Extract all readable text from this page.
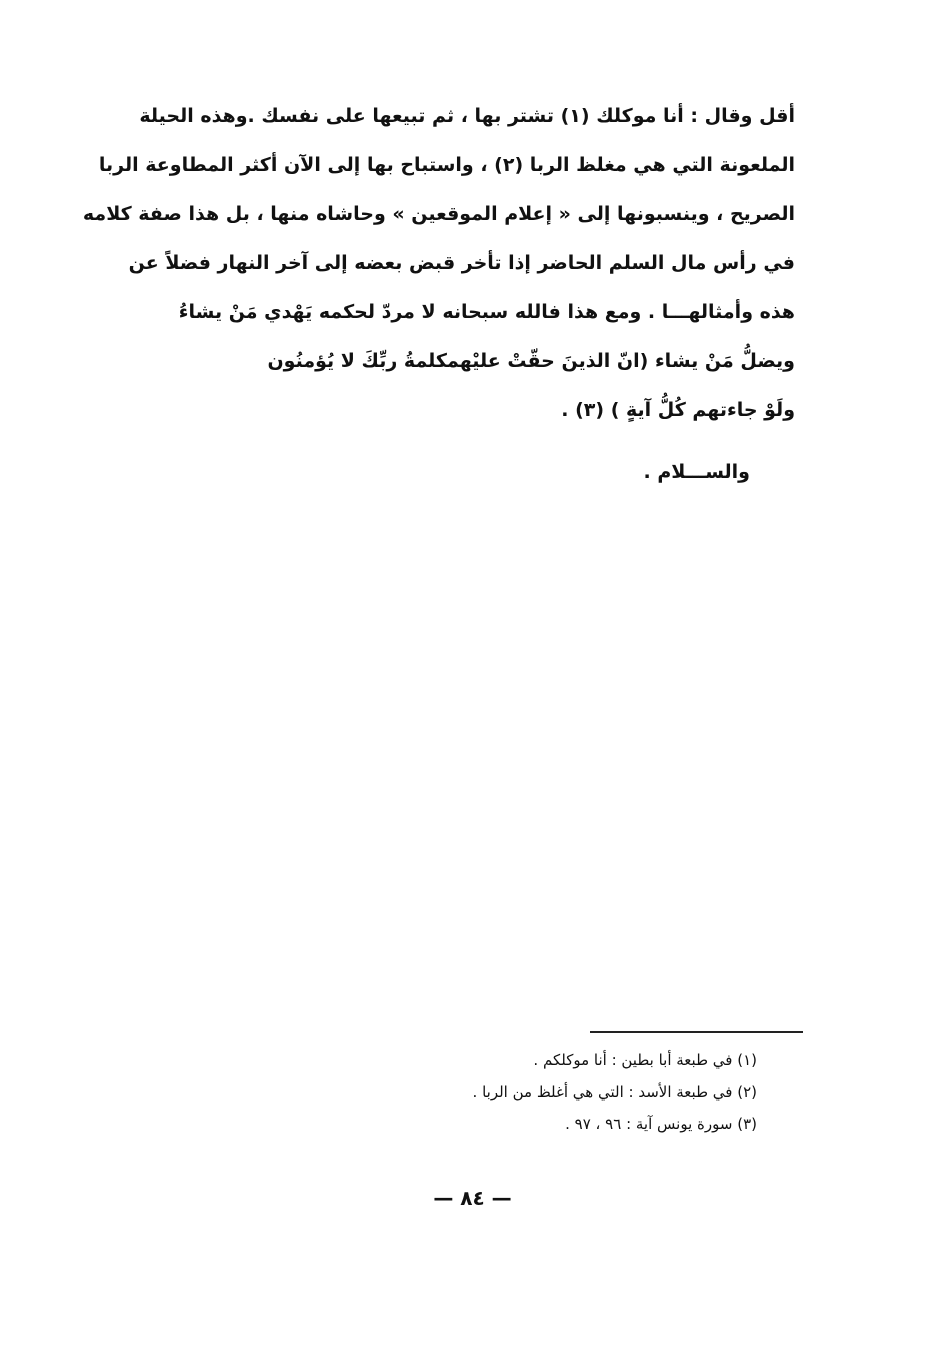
أقل وقال : أنا موكلك (١) تشتر بها ، ثم تبيعها على نفسك .وهذه الحيلة
الملعونة التي هي مغلظ الربا (٢) ، واستباح بها إلى الآن أكثر المطاوعة الربا
الصريح ، وينسبونها إلى « إعلام الموقعين » وحاشاه منها ، بل هذا صفة كلامه
في رأس مال السلم الحاضر إذا تأخر قبض بعضه إلى آخر النهار فضلاً عن
هذه وأمثالهـــا . ومع هذا فالله سبحانه لا مردّ لحكمه يَهْدي مَنْ يشاءُ
ويضلُّ مَنْ يشاء (انّ الذينَ حقّتْ عليْهمكلمةُ ربِّكَ لا يُؤمنُون
ولَوْ جاءتهم كُلُّ آيةٍ ) (٣) .
والســـلام .
(١) في طبعة أبا بطين : أنا موكلكم .
(٢) في طبعة الأسد : التي هي أغلظ من الربا .
(٣) سورة يونس آية : ٩٦ ، ٩٧ .
— ٨٤ —
